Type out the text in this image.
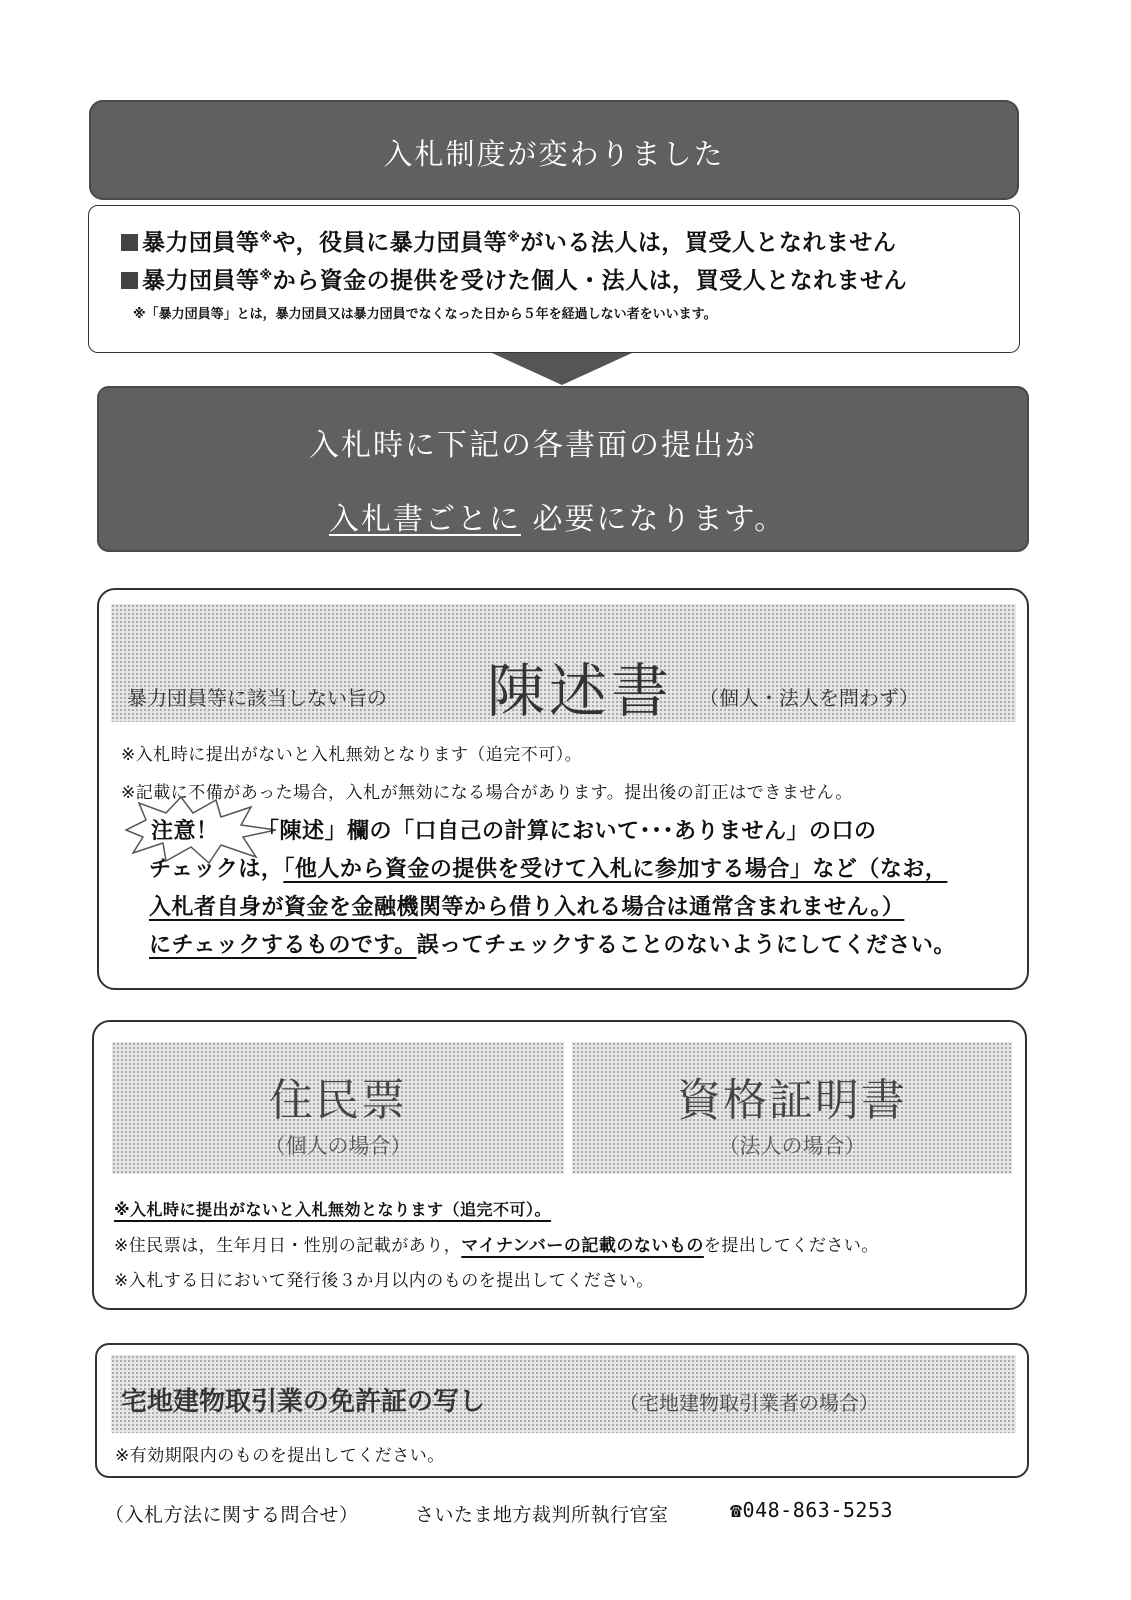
入札制度が変わりました
暴力団員等※や，役員に暴力団員等※がいる法人は，買受人となれません
暴力団員等※から資金の提供を受けた個人・法人は，買受人となれません
※「暴力団員等」とは，暴力団員又は暴力団員でなくなった日から５年を経過しない者をいいます。
入札時に下記の各書面の提出が
入札書ごとに 必要になります。
暴力団員等に該当しない旨の 陳述書 （個人・法人を問わず）
※入札時に提出がないと入札無効となります（追完不可）。
※記載に不備があった場合，入札が無効になる場合があります。提出後の訂正はできません。
注意！ 「陳述」欄の「口自己の計算において･･･ありません」の口の
チェックは，「他人から資金の提供を受けて入札に参加する場合」など（なお，
入札者自身が資金を金融機関等から借り入れる場合は通常含まれません。）
にチェックするものです。誤ってチェックすることのないようにしてください。
住民票
（個人の場合）
資格証明書
（法人の場合）
※入札時に提出がないと入札無効となります（追完不可）。
※住民票は，生年月日・性別の記載があり，マイナンバーの記載のないものを提出してください。
※入札する日において発行後３か月以内のものを提出してください。
宅地建物取引業の免許証の写し	（宅地建物取引業者の場合）
※有効期限内のものを提出してください。
（入札方法に関する問合せ）	さいたま地方裁判所執行官室	☎048-863-5253
